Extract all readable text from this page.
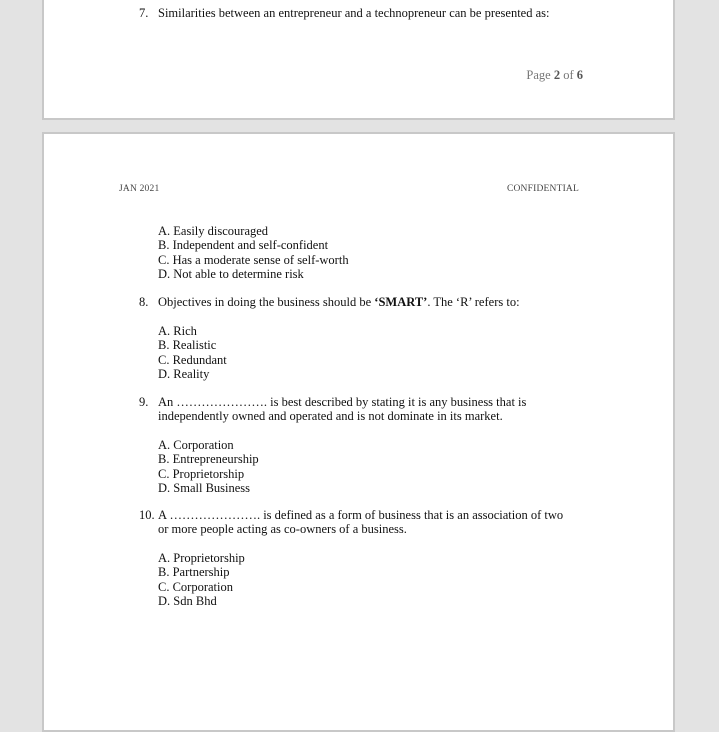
7. Similarities between an entrepreneur and a technopreneur can be presented as:
Page 2 of 6
JAN 2021	CONFIDENTIAL
A. Easily discouraged
B. Independent and self-confident
C. Has a moderate sense of self-worth
D. Not able to determine risk
8. Objectives in doing the business should be ‘SMART’. The ‘R’ refers to:
A. Rich
B. Realistic
C. Redundant
D. Reality
9. An …………………. is best described by stating it is any business that is
independently owned and operated and is not dominate in its market.
A. Corporation
B. Entrepreneurship
C. Proprietorship
D. Small Business
10. A …………………. is defined as a form of business that is an association of two
or more people acting as co-owners of a business.
A. Proprietorship
B. Partnership
C. Corporation
D. Sdn Bhd
